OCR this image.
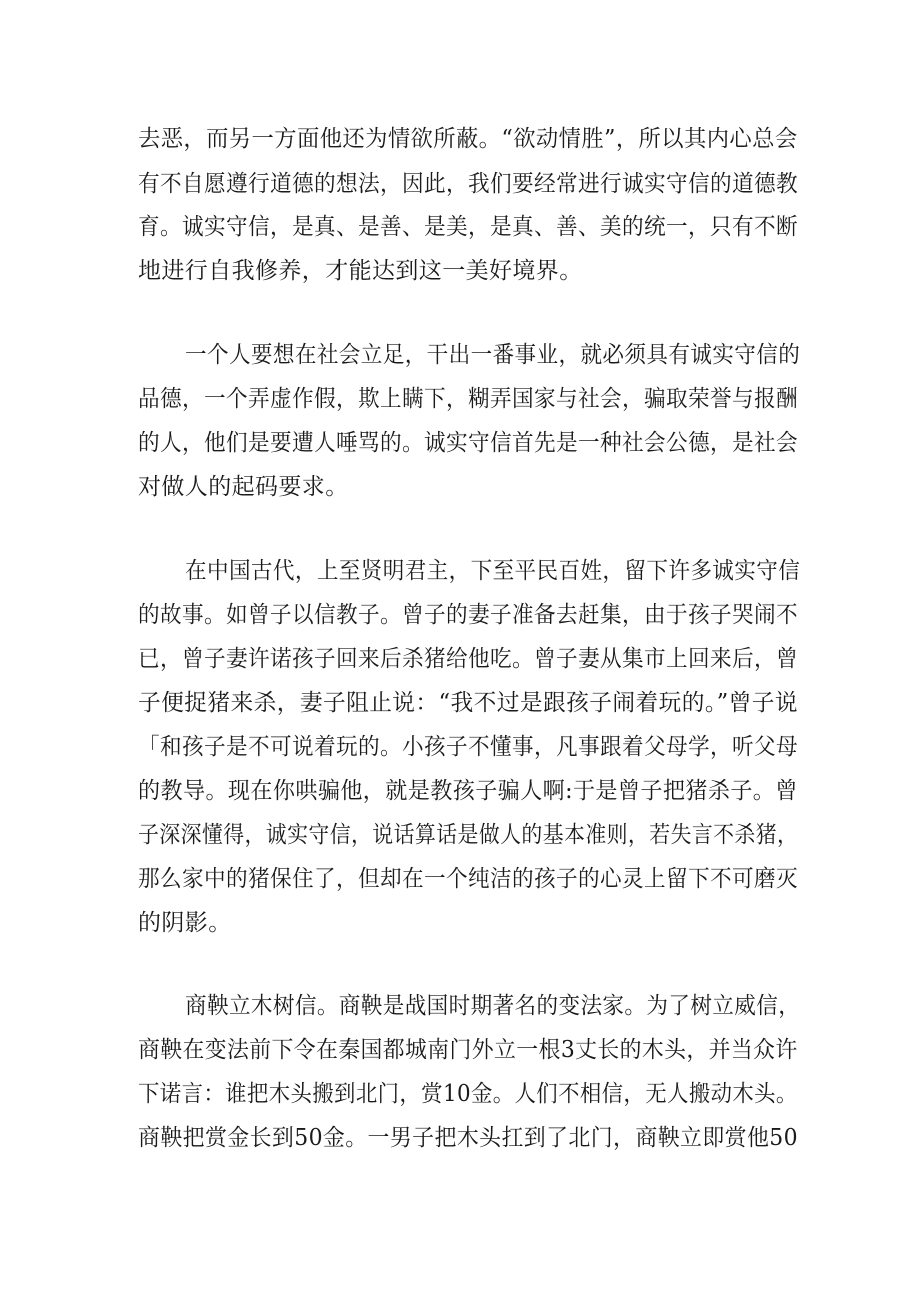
去恶，而另一方面他还为情欲所蔽。“欲动情胜”，所以其内心总会
有不自愿遵行道德的想法，因此，我们要经常进行诚实守信的道德教
育。诚实守信，是真、是善、是美，是真、善、美的统一，只有不断
地进行自我修养，才能达到这一美好境界。
一个人要想在社会立足，干出一番事业，就必须具有诚实守信的
品德，一个弄虚作假，欺上瞒下，糊弄国家与社会，骗取荣誉与报酬
的人，他们是要遭人唾骂的。诚实守信首先是一种社会公德，是社会
对做人的起码要求。
在中国古代，上至贤明君主，下至平民百姓，留下许多诚实守信
的故事。如曾子以信教子。曾子的妻子准备去赶集，由于孩子哭闹不
已，曾子妻许诺孩子回来后杀猪给他吃。曾子妻从集市上回来后，曾
子便捉猪来杀，妻子阻止说：“我不过是跟孩子闹着玩的。”曾子说
「和孩子是不可说着玩的。小孩子不懂事，凡事跟着父母学，听父母
的教导。现在你哄骗他，就是教孩子骗人啊:于是曾子把猪杀子。曾
子深深懂得，诚实守信，说话算话是做人的基本准则，若失言不杀猪，
那么家中的猪保住了，但却在一个纯洁的孩子的心灵上留下不可磨灭
的阴影。
商鞅立木树信。商鞅是战国时期著名的变法家。为了树立威信，
商鞅在变法前下令在秦国都城南门外立一根3丈长的木头，并当众许
下诺言：谁把木头搬到北门，赏10金。人们不相信，无人搬动木头。
商鞅把赏金长到50金。一男子把木头扛到了北门，商鞅立即赏他50
